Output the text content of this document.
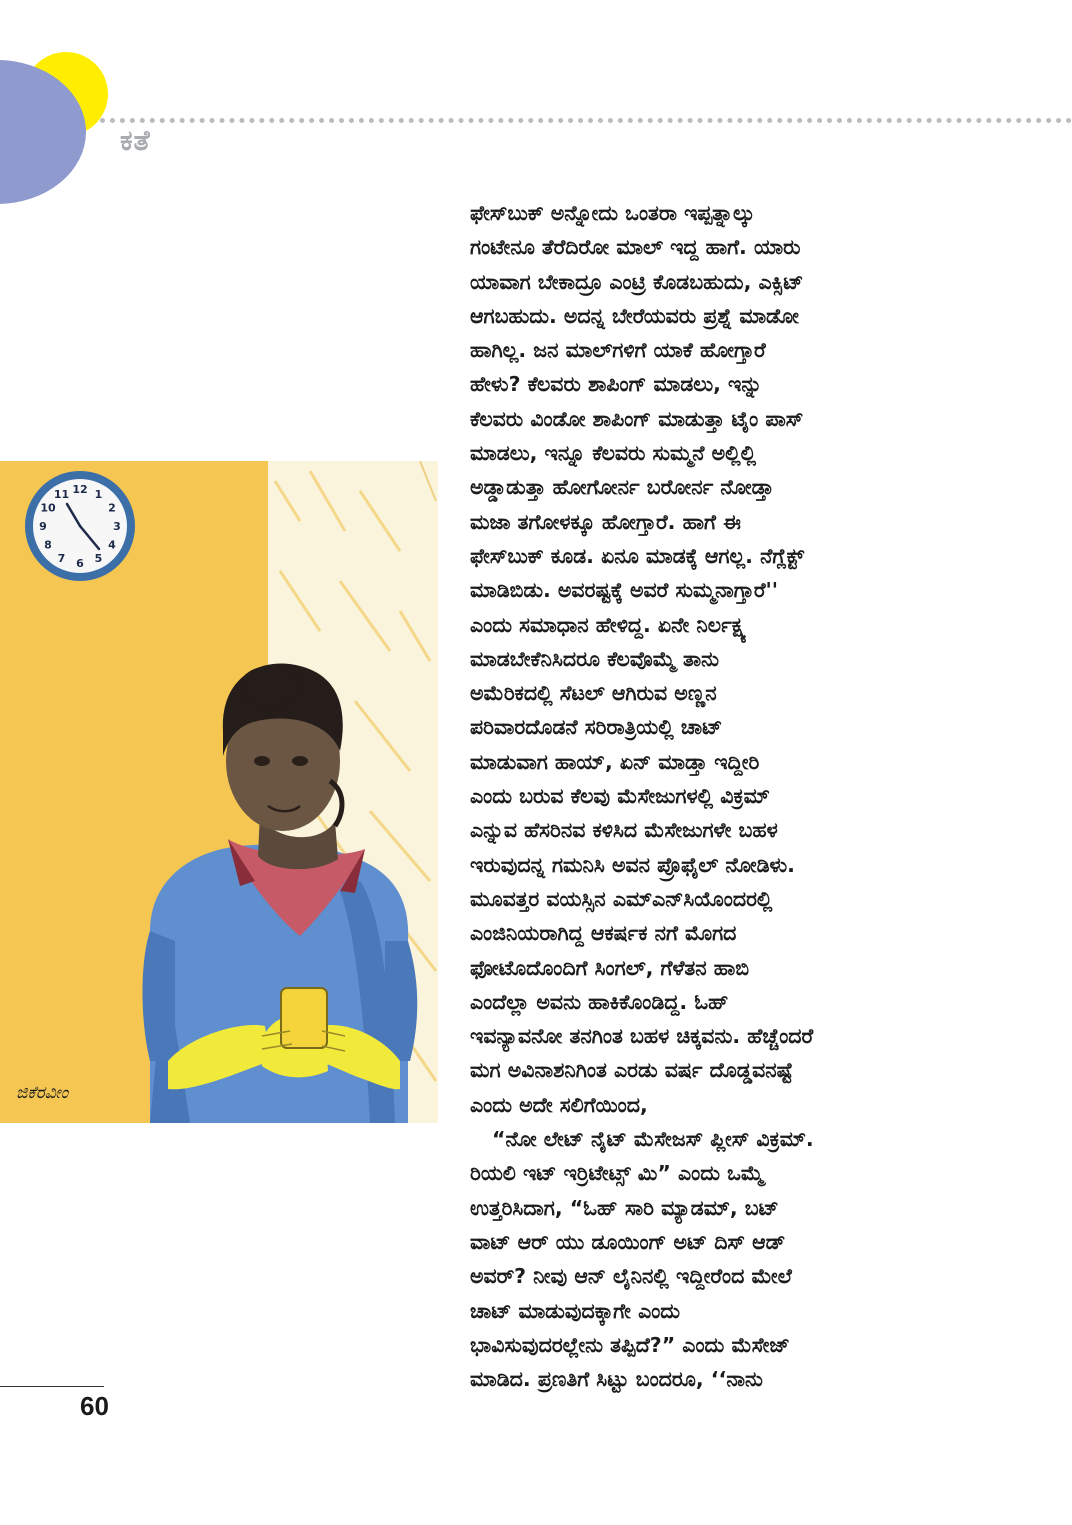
ಕತೆ
12 1
2
3
4
5
6
7
8
9
10
11
ಜಿಕೆರವೀಂ
ಫೇಸ್‌ಬುಕ್ ಅನ್ನೋದು ಒಂತರಾ ಇಪ್ಪತ್ನಾಲ್ಕು
ಗಂಟೇನೂ ತೆರೆದಿರೋ ಮಾಲ್ ಇದ್ದ ಹಾಗೆ. ಯಾರು
ಯಾವಾಗ ಬೇಕಾದ್ರೂ ಎಂಟ್ರಿ ಕೊಡಬಹುದು, ಎಕ್ಸಿಟ್
ಆಗಬಹುದು. ಅದನ್ನ ಬೇರೆಯವರು ಪ್ರಶ್ನೆ ಮಾಡೋ
ಹಾಗಿಲ್ಲ. ಜನ ಮಾಲ್‌ಗಳಿಗೆ ಯಾಕೆ ಹೋಗ್ತಾರೆ
ಹೇಳು? ಕೆಲವರು ಶಾಪಿಂಗ್ ಮಾಡಲು, ಇನ್ನು
ಕೆಲವರು ವಿಂಡೋ ಶಾಪಿಂಗ್ ಮಾಡುತ್ತಾ ಟೈಂ ಪಾಸ್
ಮಾಡಲು, ಇನ್ನೂ ಕೆಲವರು ಸುಮ್ಮನೆ ಅಲ್ಲಿಲ್ಲಿ
ಅಡ್ಡಾಡುತ್ತಾ ಹೋಗೋರ್ನ ಬರೋರ್ನ ನೋಡ್ತಾ
ಮಜಾ ತಗೋಳಕ್ಕೂ ಹೋಗ್ತಾರೆ. ಹಾಗೆ ಈ
ಫೇಸ್‌ಬುಕ್ ಕೂಡ. ಏನೂ ಮಾಡಕ್ಕೆ ಆಗಲ್ಲ. ನೆಗ್ಲೆಕ್ಟ್
ಮಾಡಿಬಿಡು. ಅವರಷ್ಟಕ್ಕೆ ಅವರೆ ಸುಮ್ಮನಾಗ್ತಾರೆ''
ಎಂದು ಸಮಾಧಾನ ಹೇಳಿದ್ದ. ಏನೇ ನಿರ್ಲಕ್ಷ್ಯ
ಮಾಡಬೇಕೆನಿಸಿದರೂ ಕೆಲವೊಮ್ಮೆ ತಾನು
ಅಮೆರಿಕದಲ್ಲಿ ಸೆಟಲ್ ಆಗಿರುವ ಅಣ್ಣನ
ಪರಿವಾರದೊಡನೆ ಸರಿರಾತ್ರಿಯಲ್ಲಿ ಚಾಟ್
ಮಾಡುವಾಗ ಹಾಯ್, ಏನ್ ಮಾಡ್ತಾ ಇದ್ದೀರಿ
ಎಂದು ಬರುವ ಕೆಲವು ಮೆಸೇಜುಗಳಲ್ಲಿ ವಿಕ್ರಮ್
ಎನ್ನುವ ಹೆಸರಿನವ ಕಳಿಸಿದ ಮೆಸೇಜುಗಳೇ ಬಹಳ
ಇರುವುದನ್ನ ಗಮನಿಸಿ ಅವನ ಪ್ರೊಫೈಲ್ ನೋಡಿಳು.
ಮೂವತ್ತರ ವಯಸ್ಸಿನ ಎಮ್‌ಎನ್‌ಸಿಯೊಂದರಲ್ಲಿ
ಎಂಜಿನಿಯರಾಗಿದ್ದ ಆಕರ್ಷಕ ನಗೆ ಮೊಗದ
ಫೋಟೊದೊಂದಿಗೆ ಸಿಂಗಲ್, ಗೆಳೆತನ ಹಾಬಿ
ಎಂದೆಲ್ಲಾ ಅವನು ಹಾಕಿಕೊಂಡಿದ್ದ. ಓಹ್
ಇವನ್ಯಾವನೋ ತನಗಿಂತ ಬಹಳ ಚಿಕ್ಕವನು. ಹೆಚ್ಚೆಂದರೆ
ಮಗ ಅವಿನಾಶನಿಗಿಂತ ಎರಡು ವರ್ಷ ದೊಡ್ಡವನಷ್ಟೆ
ಎಂದು ಅದೇ ಸಲಿಗೆಯಿಂದ,
“ನೋ ಲೇಟ್ ನೈಟ್ ಮೆಸೇಜಸ್ ಪ್ಲೀಸ್ ವಿಕ್ರಮ್.
ರಿಯಲಿ ಇಟ್ ಇರ್ರಿಟೇಟ್ಸ್ ಮಿ” ಎಂದು ಒಮ್ಮೆ
ಉತ್ತರಿಸಿದಾಗ, “ಓಹ್ ಸಾರಿ ಮ್ಯಾಡಮ್, ಬಟ್
ವಾಟ್ ಆರ್ ಯು ಡೂಯಿಂಗ್ ಅಟ್ ದಿಸ್ ಆಡ್
ಅವರ್? ನೀವು ಆನ್ ಲೈನಿನಲ್ಲಿ ಇದ್ದೀರೆಂದ ಮೇಲೆ
ಚಾಟ್ ಮಾಡುವುದಕ್ಕಾಗೇ ಎಂದು
ಭಾವಿಸುವುದರಲ್ಲೇನು ತಪ್ಪಿದೆ?” ಎಂದು ಮೆಸೇಜ್
ಮಾಡಿದ. ಪ್ರಣತಿಗೆ ಸಿಟ್ಟು ಬಂದರೂ, ‘‘ನಾನು
60
